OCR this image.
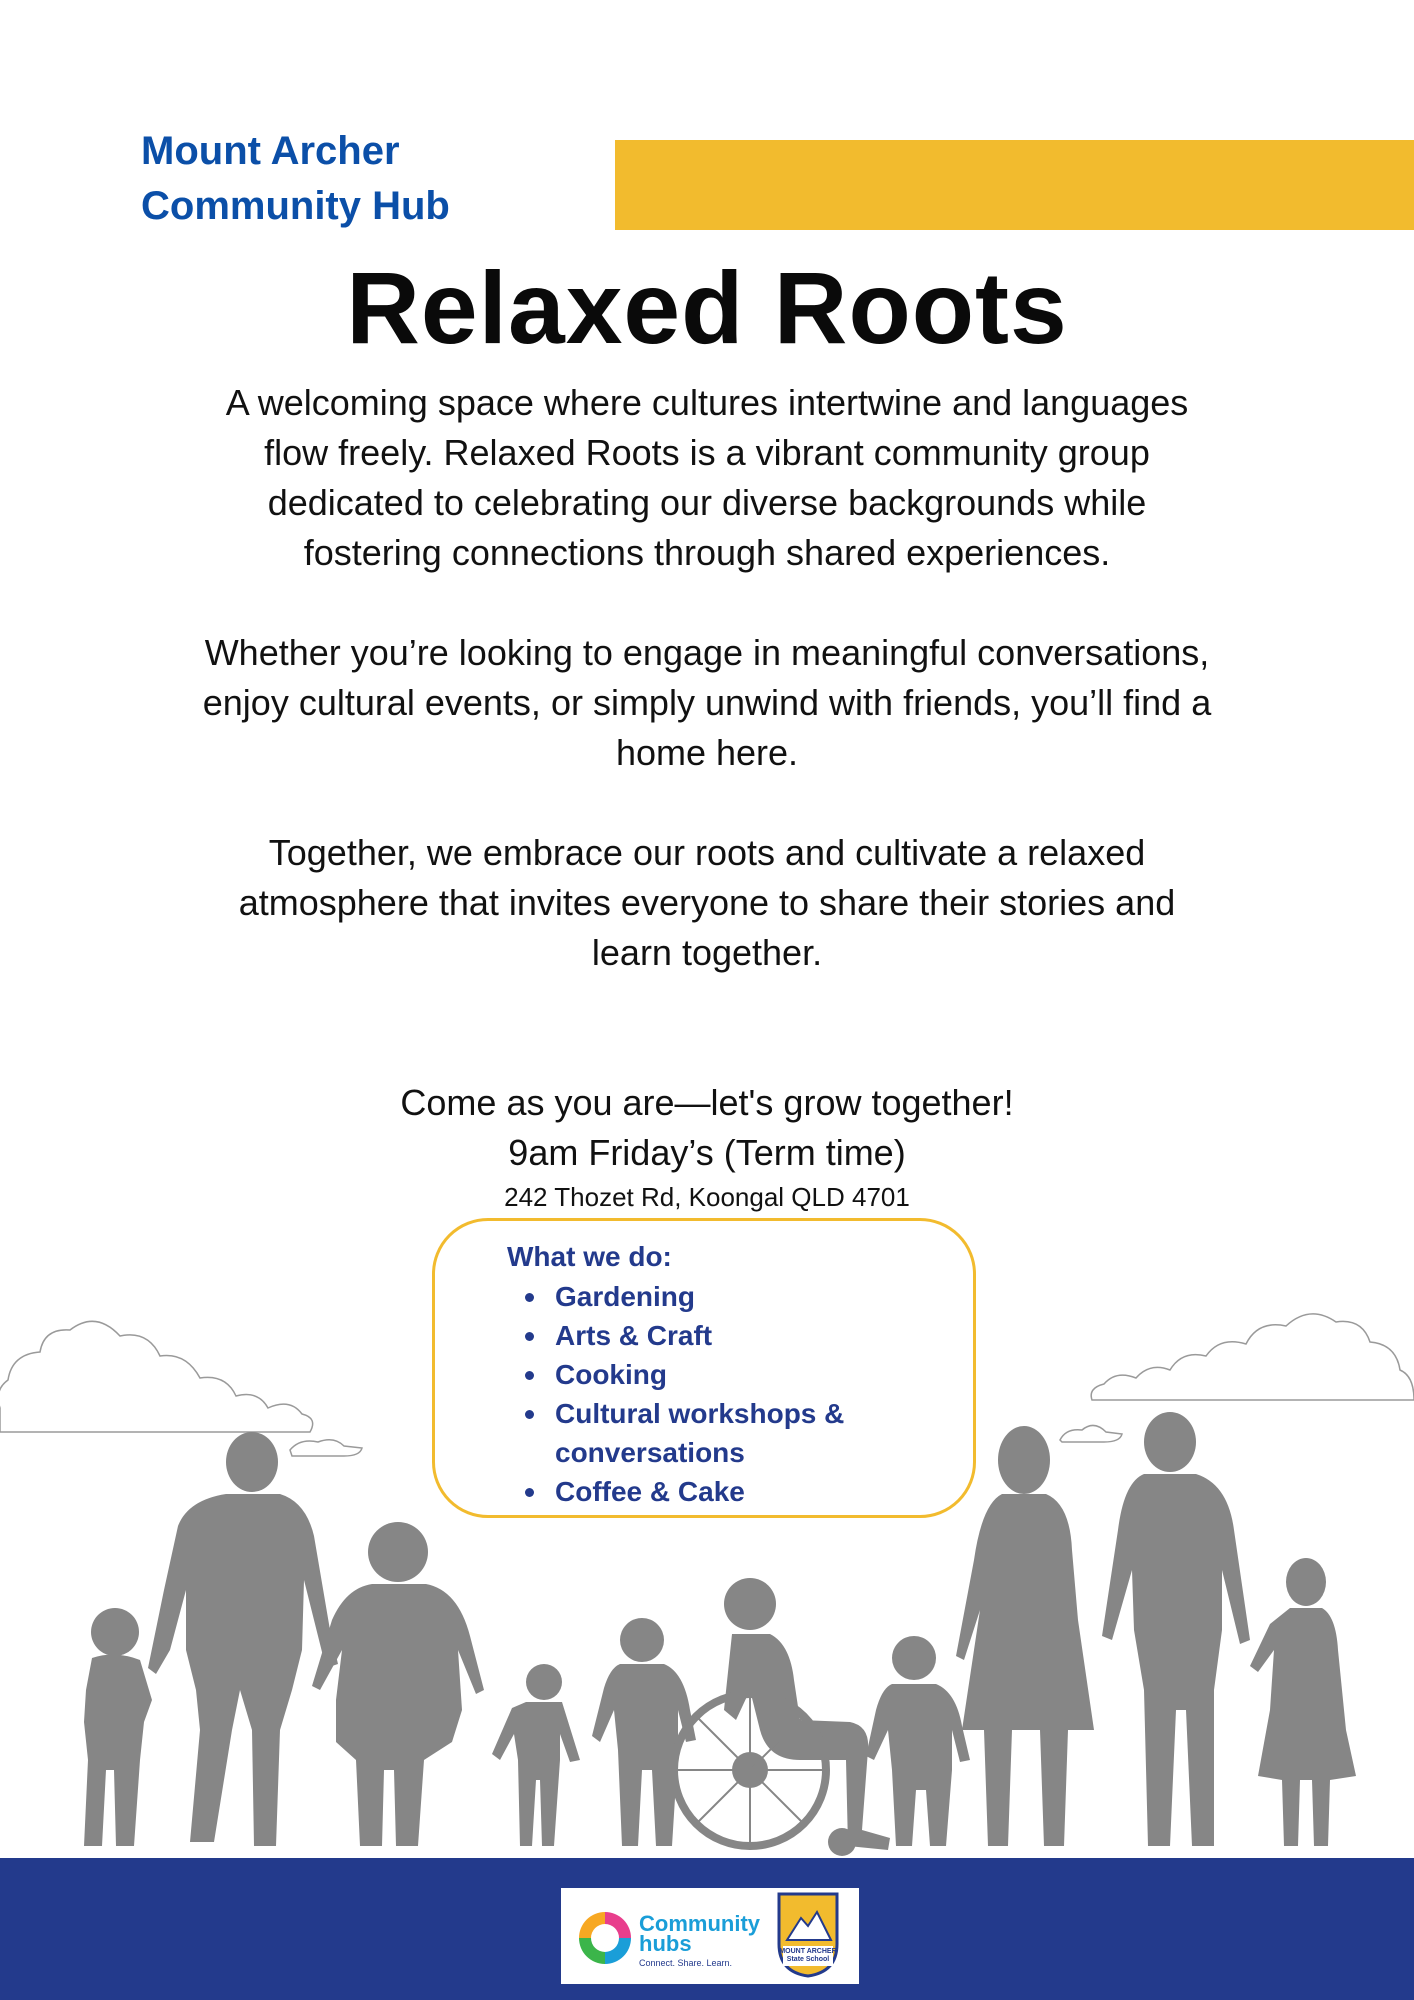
Mount Archer
Community Hub
Relaxed Roots

A welcoming space where cultures intertwine and languages flow freely. Relaxed Roots is a vibrant community group dedicated to celebrating our diverse backgrounds while fostering connections through shared experiences.

Whether you’re looking to engage in meaningful conversations, enjoy cultural events, or simply unwind with friends, you’ll find a home here.

Together, we embrace our roots and cultivate a relaxed atmosphere that invites everyone to share their stories and learn together.

Come as you are—let's grow together!
9am Friday’s (Term time)
242 Thozet Rd, Koongal QLD 4701
What we do:
Gardening
Arts & Craft
Cooking
Cultural workshops & conversations
Coffee & Cake
Community
hubs
Connect. Share. Learn.
MOUNT ARCHER
State School
